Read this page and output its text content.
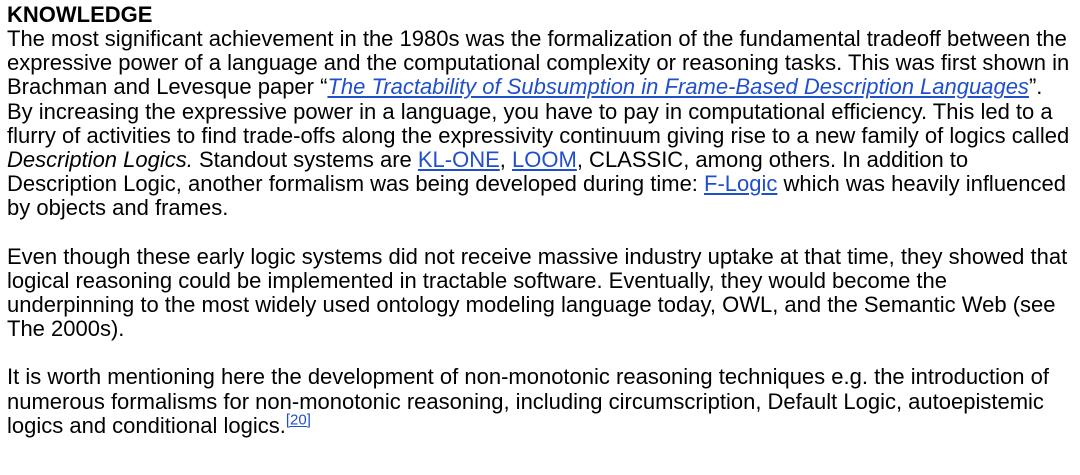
KNOWLEDGE

The most significant achievement in the 1980s was the formalization of the fundamental tradeoff between the expressive power of a language and the computational complexity or reasoning tasks. This was first shown in Brachman and Levesque paper “The Tractability of Subsumption in Frame-Based Description Languages”. By increasing the expressive power in a language, you have to pay in computational efficiency. This led to a flurry of activities to find trade-offs along the expressivity continuum giving rise to a new family of logics called Description Logics. Standout systems are KL-ONE, LOOM, CLASSIC, among others. In addition to Description Logic, another formalism was being developed during time: F-Logic which was heavily influenced by objects and frames.

Even though these early logic systems did not receive massive industry uptake at that time, they showed that logical reasoning could be implemented in tractable software. Eventually, they would become the underpinning to the most widely used ontology modeling language today, OWL, and the Semantic Web (see The 2000s).

It is worth mentioning here the development of non-monotonic reasoning techniques e.g. the introduction of numerous formalisms for non-monotonic reasoning, including circumscription, Default Logic, autoepistemic logics and conditional logics.[20]
